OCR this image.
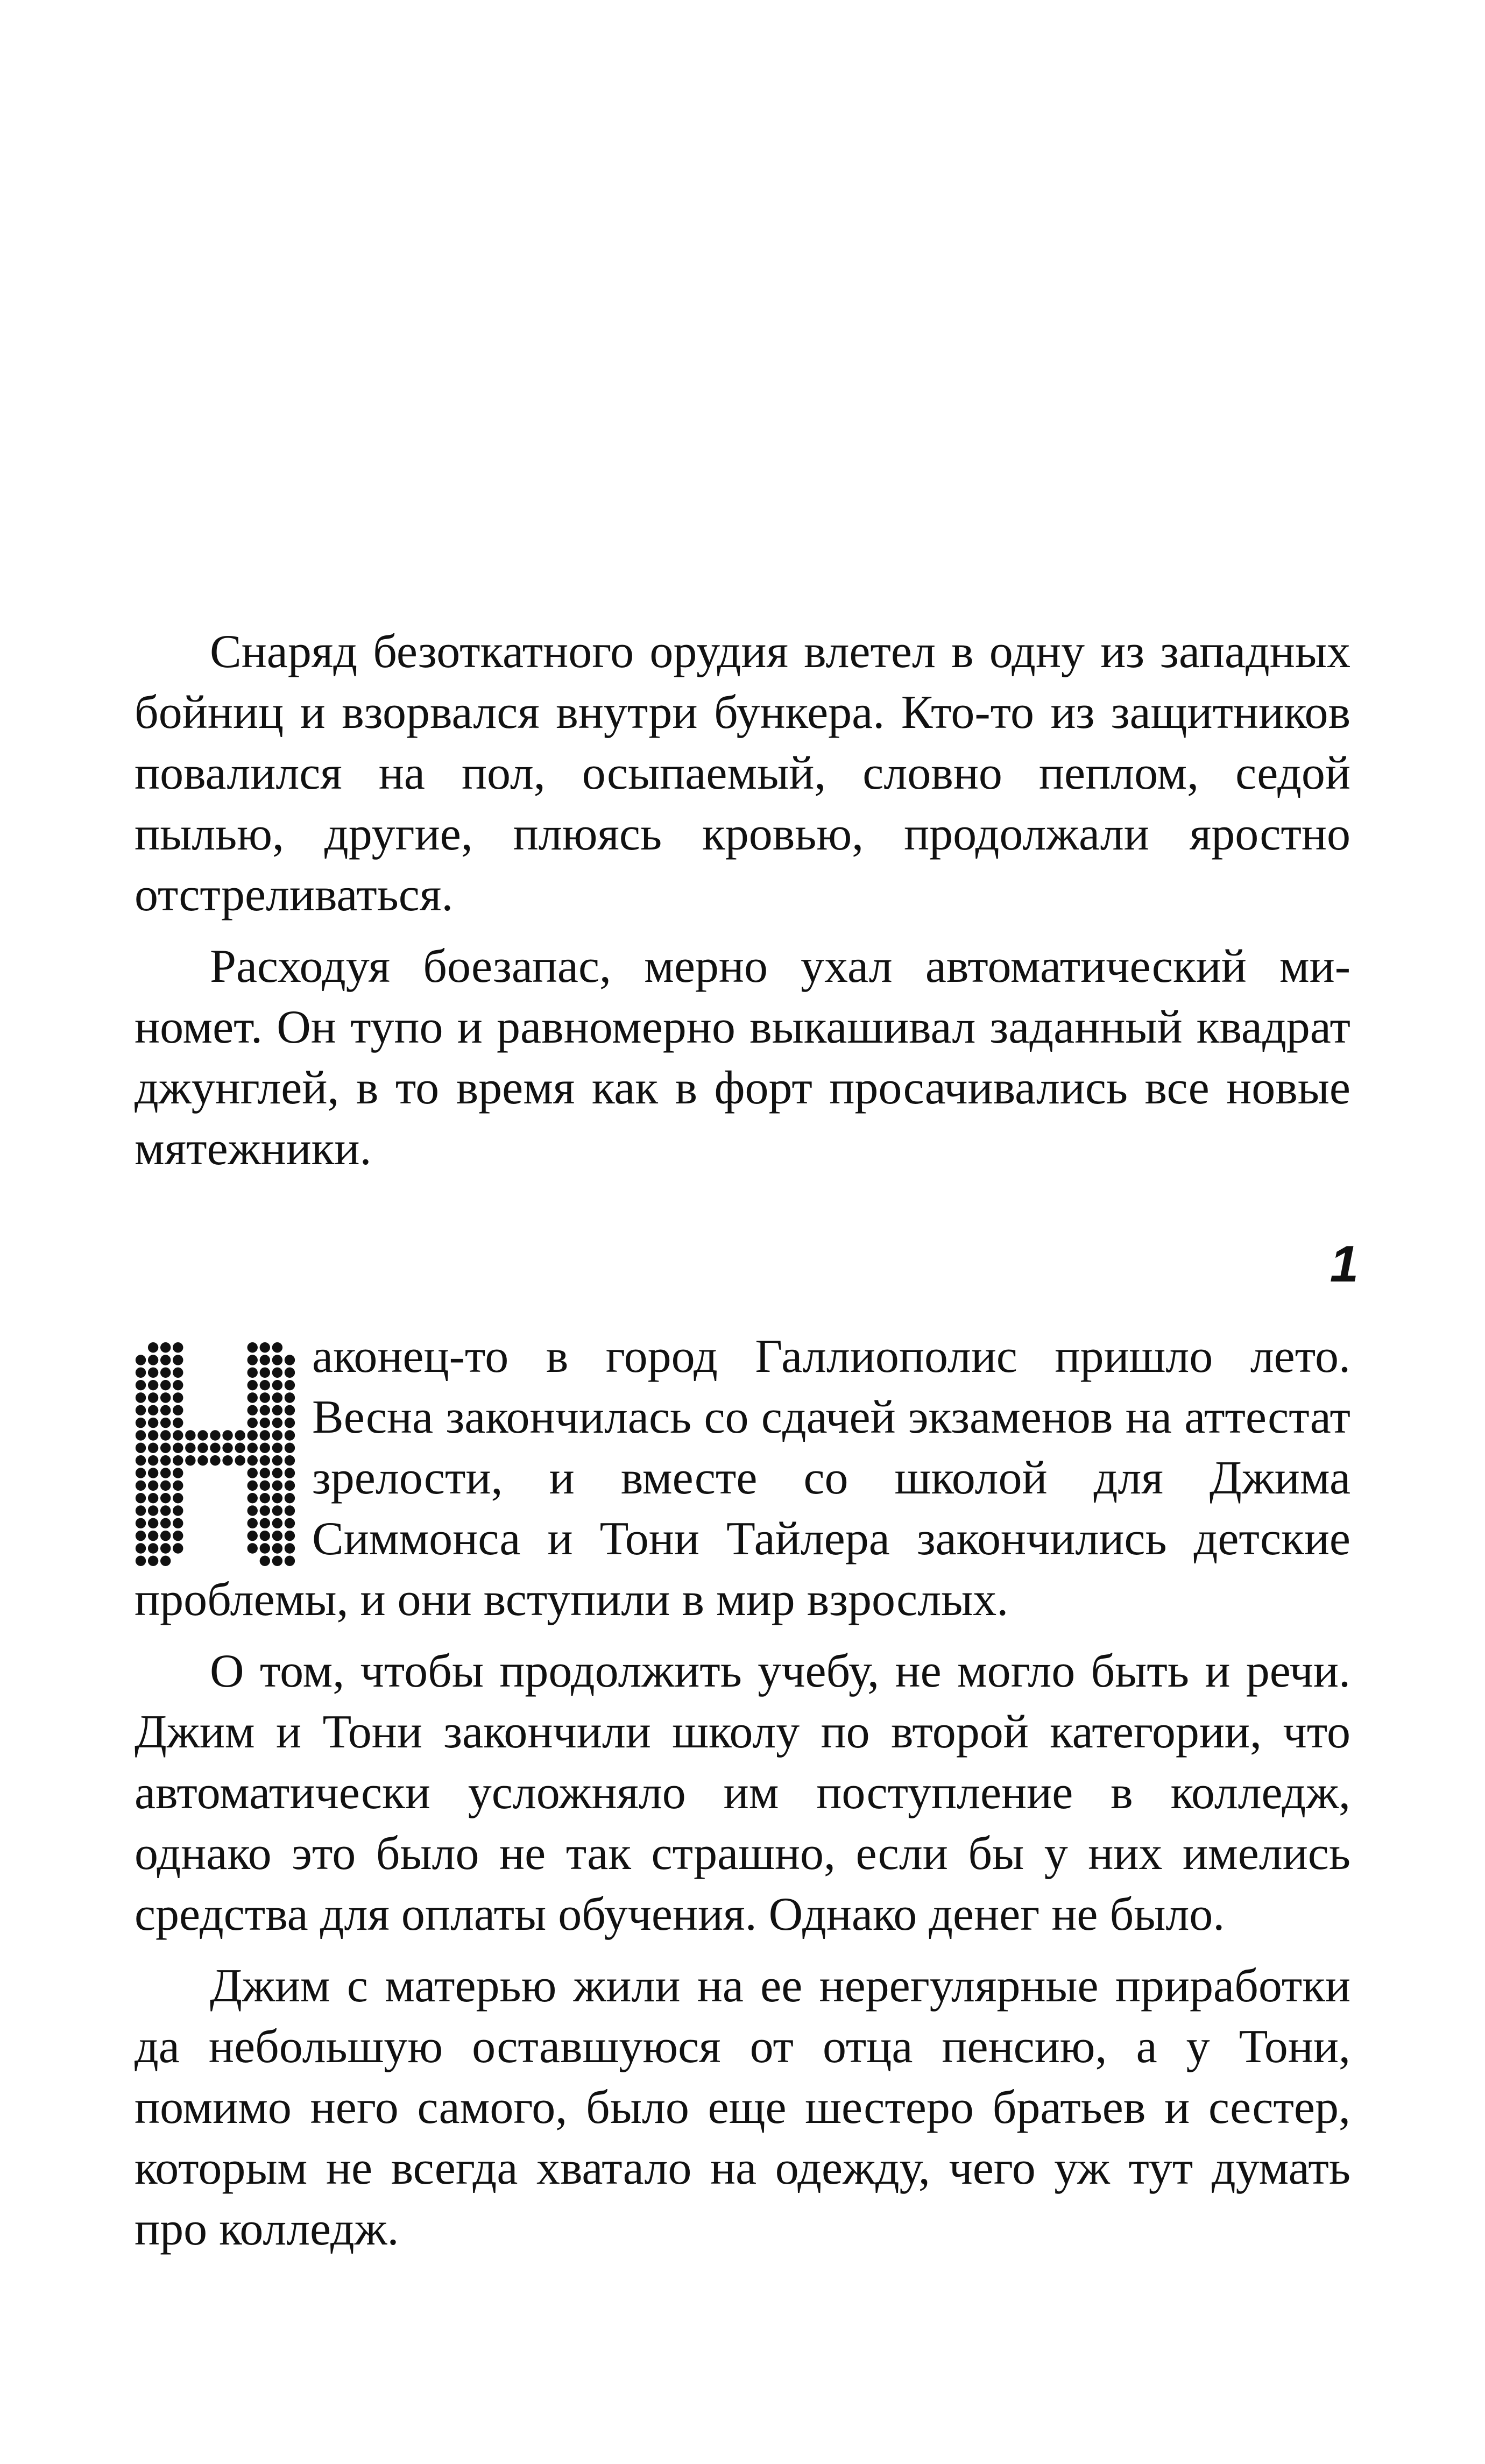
Снаряд безоткатного орудия влетел в одну из западных бойниц и взорвался внутри бункера. Кто-то из защитников повалился на пол, осыпаемый, словно пеплом, седой пылью, другие, плюясь кровью, продолжали яростно отстреливаться.

Расходуя боезапас, мерно ухал автоматический миномет. Он тупо и равномерно выкашивал заданный квадрат джунглей, в то время как в форт просачивались все новые мятежники.

1

аконец-то в город Галлиополис пришло лето. Весна закончилась со сдачей экзаменов на аттестат зрелости, и вместе со школой для Джима Симмонса и Тони Тайлера закончились детские проблемы, и они вступили в мир взрослых.

О том, чтобы продолжить учебу, не могло быть и речи. Джим и Тони закончили школу по второй категории, что автоматически усложняло им поступление в колледж, однако это было не так страшно, если бы у них имелись средства для оплаты обучения. Однако денег не было.

Джим с матерью жили на ее нерегулярные приработки да небольшую оставшуюся от отца пенсию, а у Тони, помимо него самого, было еще шестеро братьев и сестер, которым не всегда хватало на одежду, чего уж тут думать про колледж.
